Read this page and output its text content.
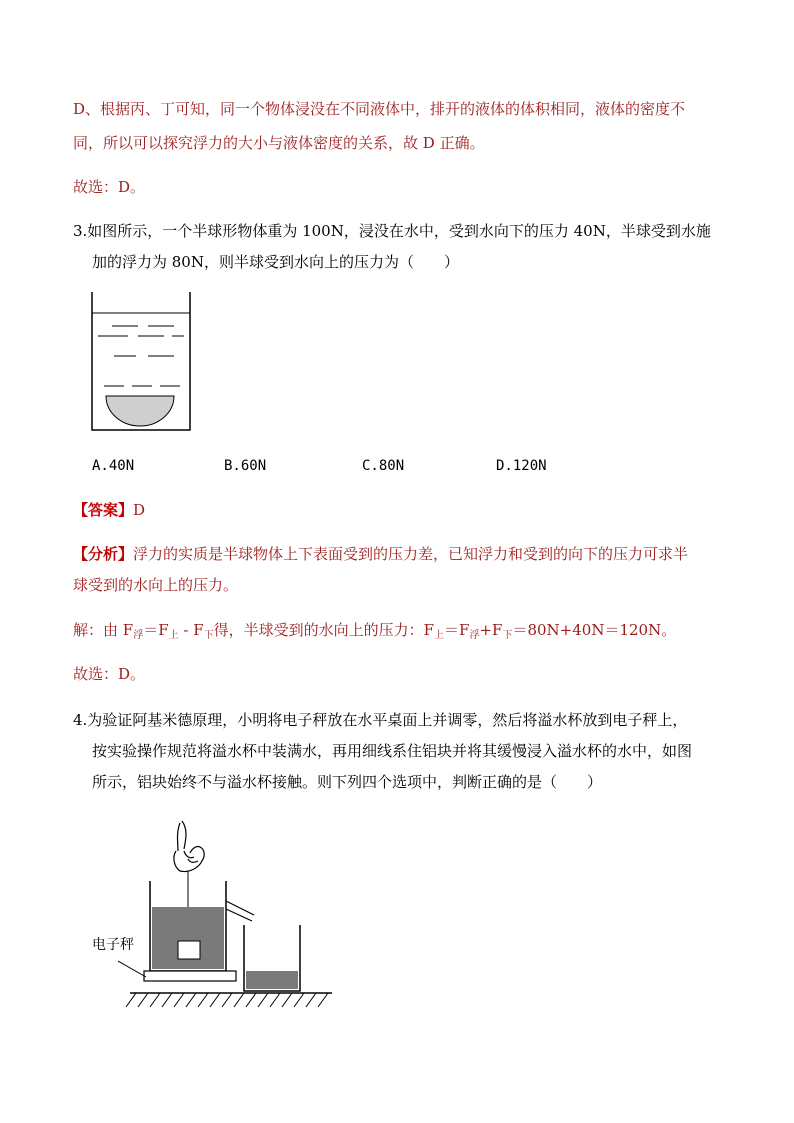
D、根据丙、丁可知，同一个物体浸没在不同液体中，排开的液体的体积相同，液体的密度不
同，所以可以探究浮力的大小与液体密度的关系，故 D 正确。
故选：D。
3.如图所示，一个半球形物体重为 100N，浸没在水中，受到水向下的压力 40N，半球受到水施
加的浮力为 80N，则半球受到水向上的压力为（　　）
A.40N	B.60N	C.80N	D.120N
【答案】D
【分析】浮力的实质是半球物体上下表面受到的压力差，已知浮力和受到的向下的压力可求半
球受到的水向上的压力。
解：由 $F_浮=F_上 - F_下$得，半球受到的水向上的压力：$F_上=F_浮+F_下=80N+40N=120N$。
故选：D。
4.为验证阿基米德原理，小明将电子秤放在水平桌面上并调零，然后将溢水杯放到电子秤上，
按实验操作规范将溢水杯中装满水，再用细线系住铝块并将其缓慢浸入溢水杯的水中，如图
所示，铝块始终不与溢水杯接触。则下列四个选项中，判断正确的是（　　）
电子秤
